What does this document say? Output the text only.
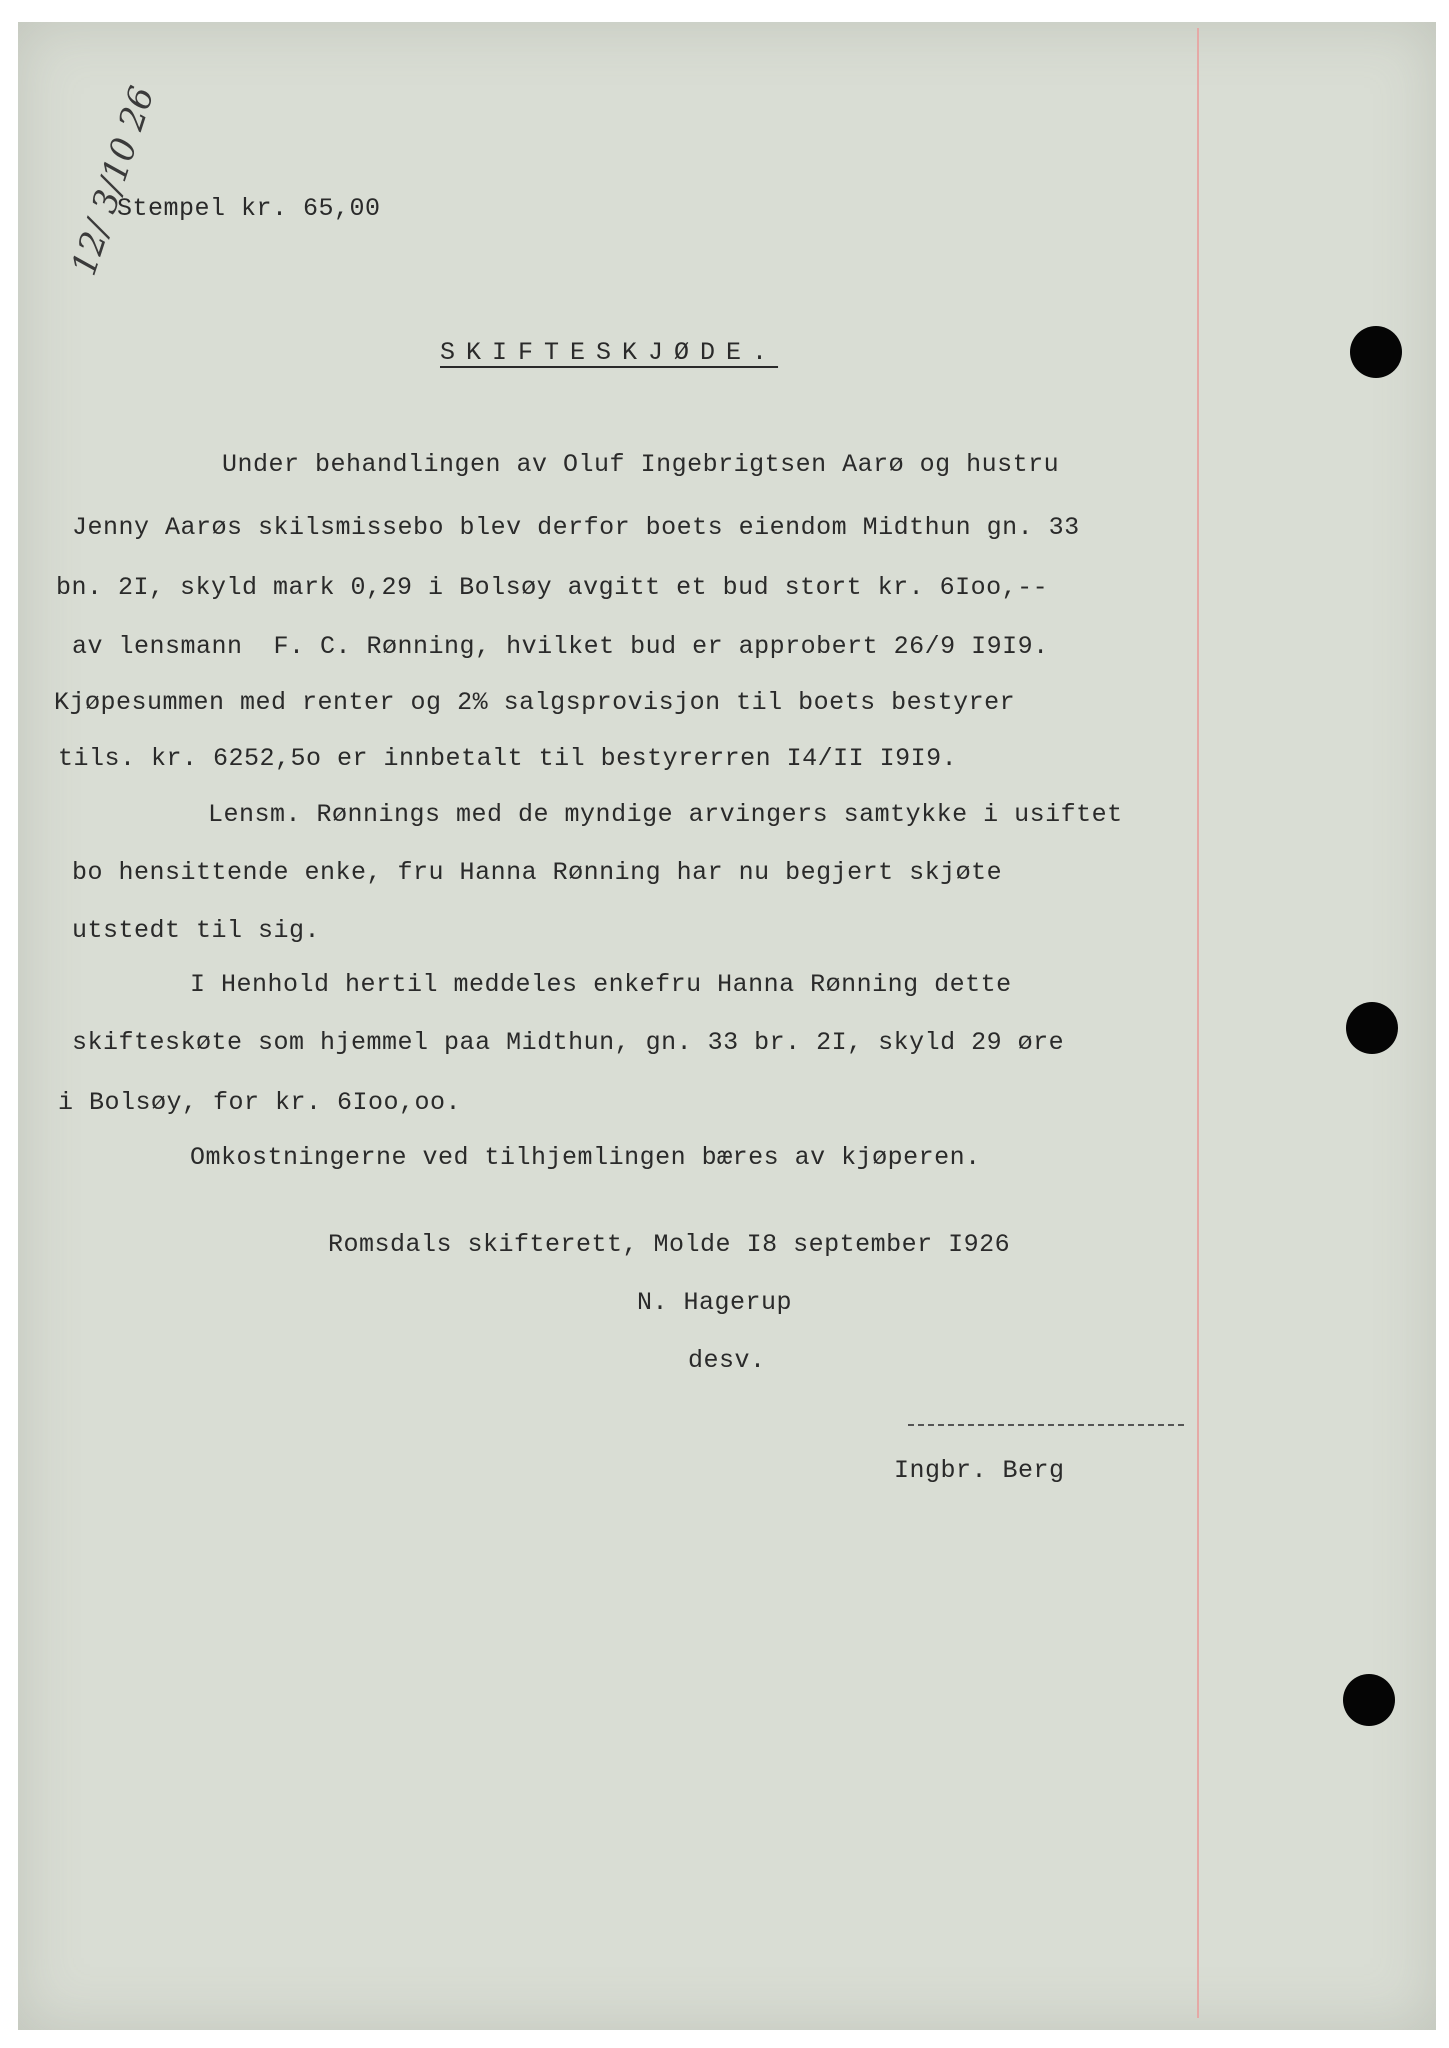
Stempel kr. 65,00
12/ 3/10 26
SKIFTESKJØDE.
Under behandlingen av Oluf Ingebrigtsen Aarø og hustru
Jenny Aarøs skilsmissebo blev derfor boets eiendom Midthun gn. 33
bn. 2I, skyld mark 0,29 i Bolsøy avgitt et bud stort kr. 6Ioo,--
av lensmann  F. C. Rønning, hvilket bud er approbert 26/9 I9I9.
Kjøpesummen med renter og 2% salgsprovisjon til boets bestyrer
tils. kr. 6252,5o er innbetalt til bestyrerren I4/II I9I9.
Lensm. Rønnings med de myndige arvingers samtykke i usiftet
bo hensittende enke, fru Hanna Rønning har nu begjert skjøte
utstedt til sig.
I Henhold hertil meddeles enkefru Hanna Rønning dette
skifteskøte som hjemmel paa Midthun, gn. 33 br. 2I, skyld 29 øre
i Bolsøy, for kr. 6Ioo,oo.
Omkostningerne ved tilhjemlingen bæres av kjøperen.
Romsdals skifterett, Molde I8 september I926
N. Hagerup
desv.
Ingbr. Berg
